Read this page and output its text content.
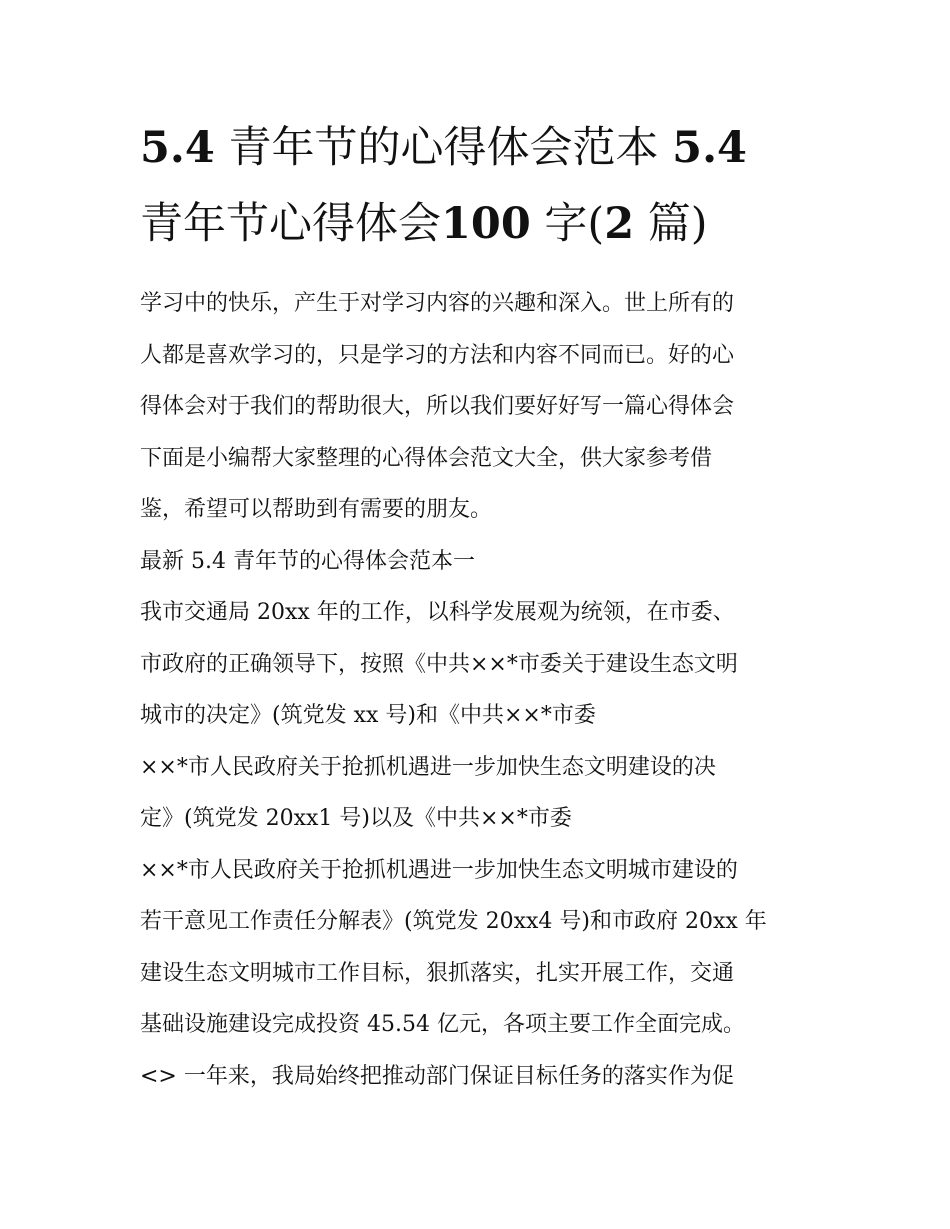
5.4 青年节的心得体会范本 5.4
青年节心得体会100 字(2 篇)
学习中的快乐，产生于对学习内容的兴趣和深入。世上所有的
人都是喜欢学习的，只是学习的方法和内容不同而已。好的心
得体会对于我们的帮助很大，所以我们要好好写一篇心得体会
下面是小编帮大家整理的心得体会范文大全，供大家参考借
鉴，希望可以帮助到有需要的朋友。
最新 5.4 青年节的心得体会范本一
我市交通局 20xx 年的工作，以科学发展观为统领，在市委、
市政府的正确领导下，按照《中共××*市委关于建设生态文明
城市的决定》(筑党发 xx 号)和《中共××*市委
××*市人民政府关于抢抓机遇进一步加快生态文明建设的决
定》(筑党发 20xx1 号)以及《中共××*市委
××*市人民政府关于抢抓机遇进一步加快生态文明城市建设的
若干意见工作责任分解表》(筑党发 20xx4 号)和市政府 20xx 年
建设生态文明城市工作目标，狠抓落实，扎实开展工作，交通
基础设施建设完成投资 45.54 亿元，各项主要工作全面完成。
<> 一年来，我局始终把推动部门保证目标任务的落实作为促
